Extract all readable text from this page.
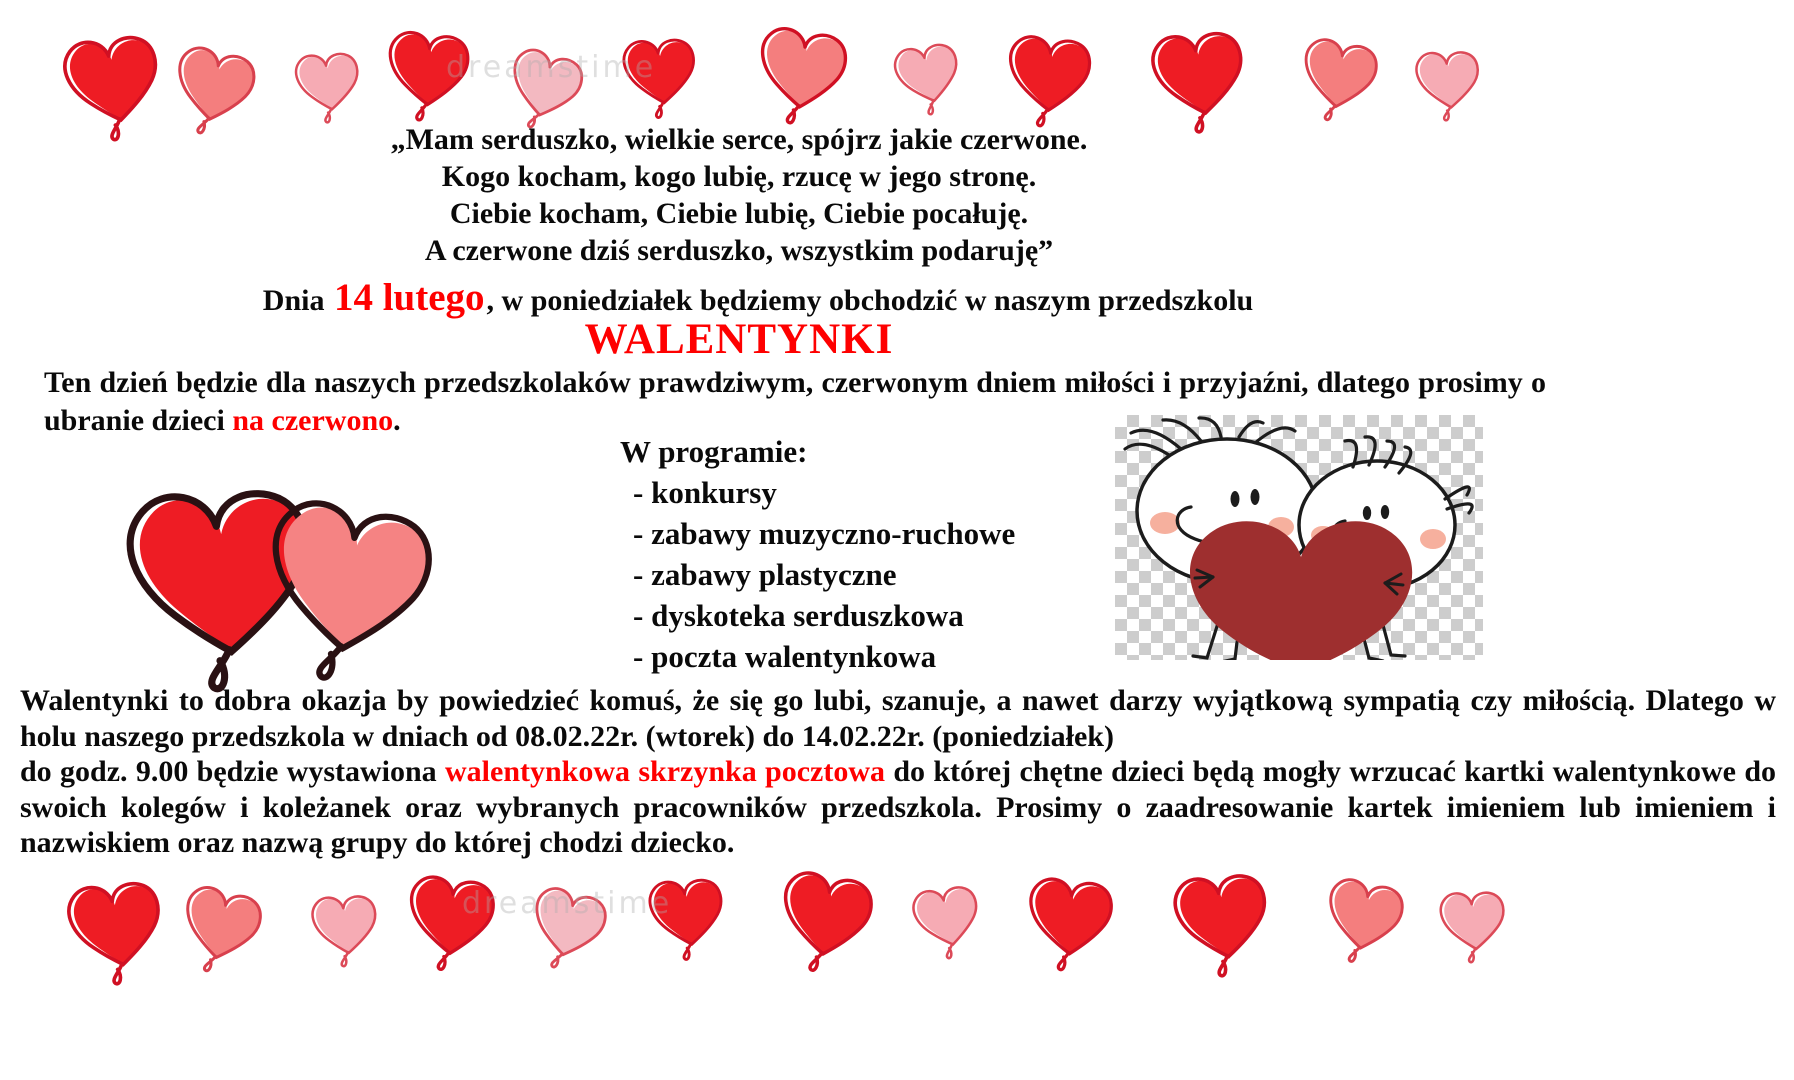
dreamstime
„Mam serduszko, wielkie serce, spójrz jakie czerwone.
Kogo kocham, kogo lubię, rzucę w jego stronę.
Ciebie kocham, Ciebie lubię, Ciebie pocałuję.
A czerwone dziś serduszko, wszystkim podaruję”
Dnia 14 lutego, w poniedziałek będziemy obchodzić w naszym przedszkolu
WALENTYNKI
Ten dzień będzie dla naszych przedszkolaków prawdziwym, czerwonym dniem miłości i przyjaźni, dlatego prosimy o ubranie dzieci na czerwono.
W programie:
- konkursy
- zabawy muzyczno-ruchowe
- zabawy plastyczne
- dyskoteka serduszkowa
- poczta walentynkowa
Walentynki to dobra okazja by powiedzieć komuś, że się go lubi, szanuje, a nawet darzy wyjątkową sympatią czy miłością. Dlatego w holu naszego przedszkola w dniach od 08.02.22r. (wtorek) do 14.02.22r. (poniedziałek)
do godz. 9.00 będzie wystawiona walentynkowa skrzynka pocztowa do której chętne dzieci będą mogły wrzucać kartki walentynkowe do swoich kolegów i koleżanek oraz wybranych pracowników przedszkola. Prosimy o zaadresowanie kartek imieniem lub imieniem i nazwiskiem oraz nazwą grupy do której chodzi dziecko.
dreamstime
